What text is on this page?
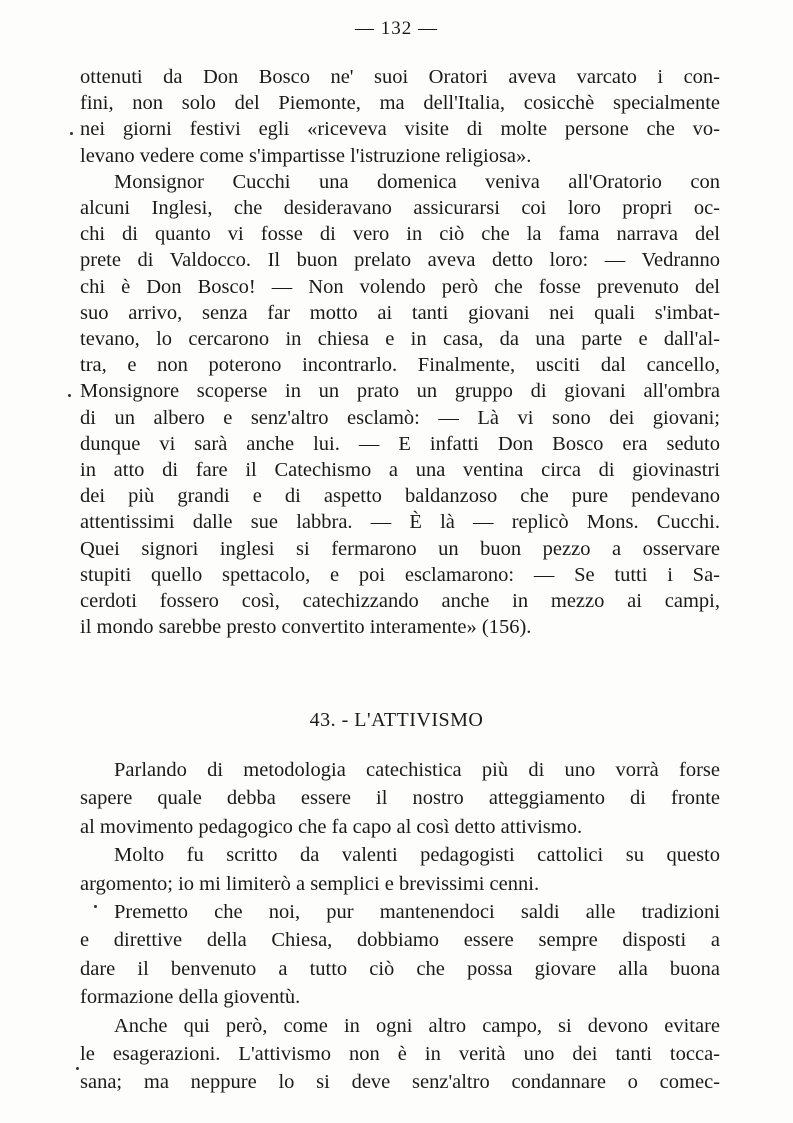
— 132 —
ottenuti da Don Bosco ne' suoi Oratori aveva varcato i con-
fini, non solo del Piemonte, ma dell'Italia, cosicchè specialmente
nei giorni festivi egli «riceveva visite di molte persone che vo-
levano vedere come s'impartisse l'istruzione religiosa».
Monsignor Cucchi una domenica veniva all'Oratorio con
alcuni Inglesi, che desideravano assicurarsi coi loro propri oc-
chi di quanto vi fosse di vero in ciò che la fama narrava del
prete di Valdocco. Il buon prelato aveva detto loro: — Vedranno
chi è Don Bosco! — Non volendo però che fosse prevenuto del
suo arrivo, senza far motto ai tanti giovani nei quali s'imbat-
tevano, lo cercarono in chiesa e in casa, da una parte e dall'al-
tra, e non poterono incontrarlo. Finalmente, usciti dal cancello,
Monsignore scoperse in un prato un gruppo di giovani all'ombra
di un albero e senz'altro esclamò: — Là vi sono dei giovani;
dunque vi sarà anche lui. — E infatti Don Bosco era seduto
in atto di fare il Catechismo a una ventina circa di giovinastri
dei più grandi e di aspetto baldanzoso che pure pendevano
attentissimi dalle sue labbra. — È là — replicò Mons. Cucchi.
Quei signori inglesi si fermarono un buon pezzo a osservare
stupiti quello spettacolo, e poi esclamarono: — Se tutti i Sa-
cerdoti fossero così, catechizzando anche in mezzo ai campi,
il mondo sarebbe presto convertito interamente» (156).
43. - L'ATTIVISMO
Parlando di metodologia catechistica più di uno vorrà forse
sapere quale debba essere il nostro atteggiamento di fronte
al movimento pedagogico che fa capo al così detto attivismo.
Molto fu scritto da valenti pedagogisti cattolici su questo
argomento; io mi limiterò a semplici e brevissimi cenni.
Premetto che noi, pur mantenendoci saldi alle tradizioni
e direttive della Chiesa, dobbiamo essere sempre disposti a
dare il benvenuto a tutto ciò che possa giovare alla buona
formazione della gioventù.
Anche qui però, come in ogni altro campo, si devono evitare
le esagerazioni. L'attivismo non è in verità uno dei tanti tocca-
sana; ma neppure lo si deve senz'altro condannare o comec-
